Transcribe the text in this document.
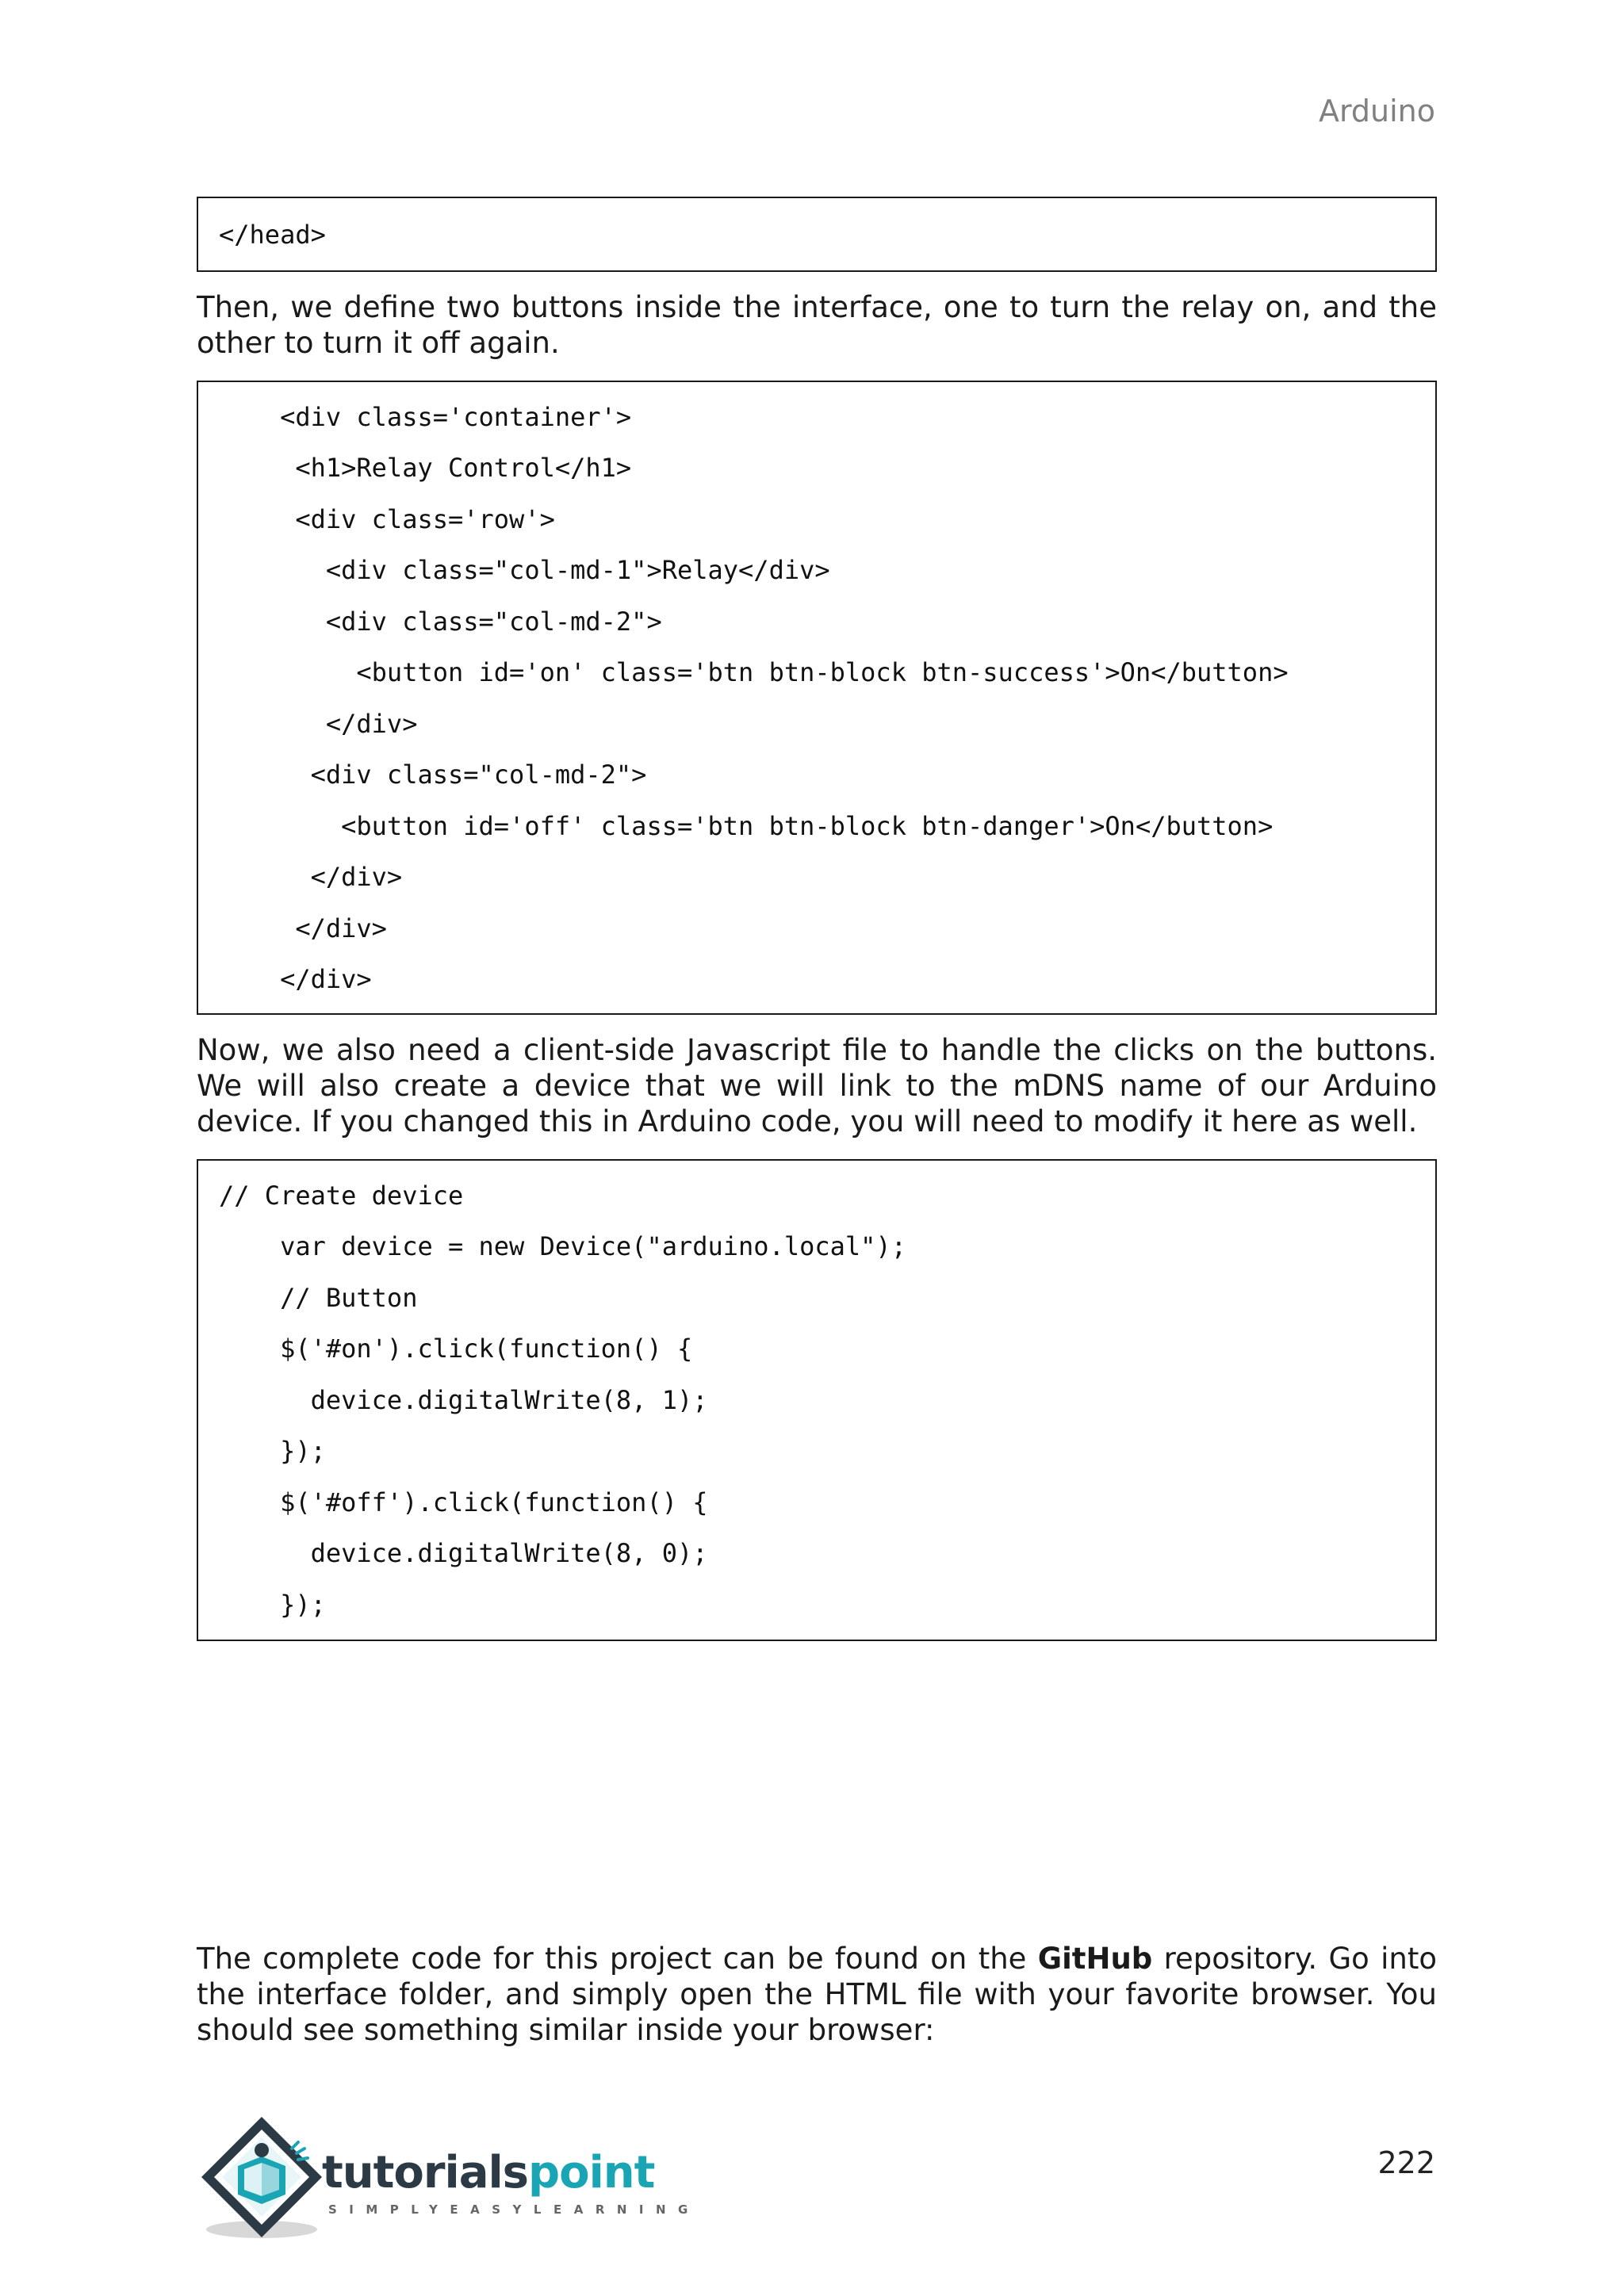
Arduino
</head>

Then, we define two buttons inside the interface, one to turn the relay on, and the other to turn it off again.

<div class='container'>
<h1>Relay Control</h1>
<div class='row'>
<div class="col-md-1">Relay</div>
<div class="col-md-2">
<button id='on' class='btn btn-block btn-success'>On</button>
</div>
<div class="col-md-2">
<button id='off' class='btn btn-block btn-danger'>On</button>
</div>
</div>
</div>

Now, we also need a client-side Javascript file to handle the clicks on the buttons. We will also create a device that we will link to the mDNS name of our Arduino device. If you changed this in Arduino code, you will need to modify it here as well.

// Create device
var device = new Device("arduino.local");
// Button
$('#on').click(function() {
device.digitalWrite(8, 1);
});
$('#off').click(function() {
device.digitalWrite(8, 0);
});

The complete code for this project can be found on the GitHub repository. Go into the interface folder, and simply open the HTML file with your favorite browser. You should see something similar inside your browser:

tutorialspoint
SIMPLYEASYLEARNING
222
